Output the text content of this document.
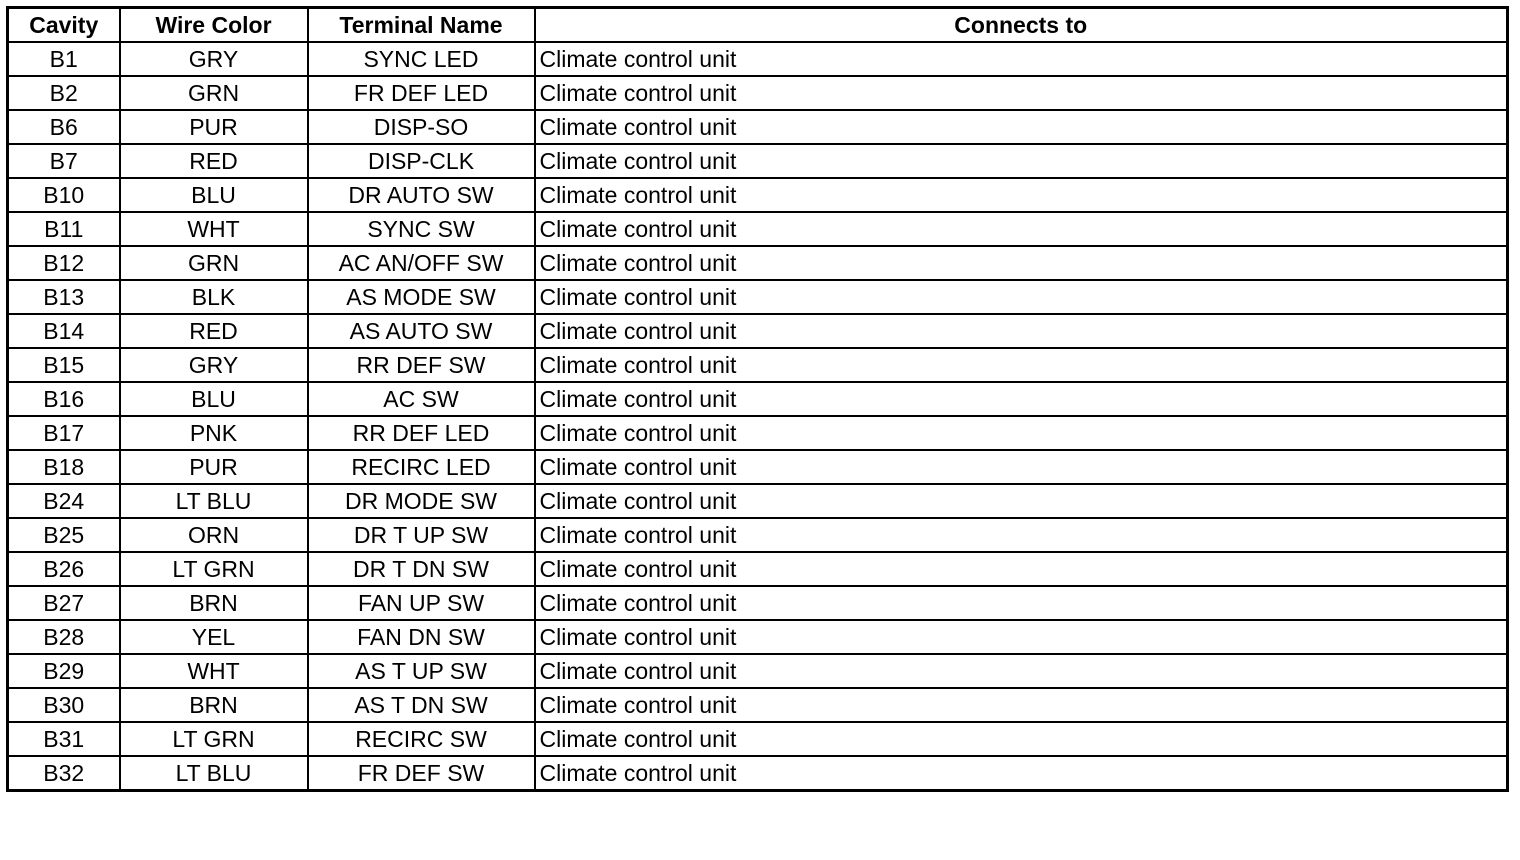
Cavity	Wire Color	Terminal Name	Connects to
B1	GRY	SYNC LED	Climate control unit
B2	GRN	FR DEF LED	Climate control unit
B6	PUR	DISP-SO	Climate control unit
B7	RED	DISP-CLK	Climate control unit
B10	BLU	DR AUTO SW	Climate control unit
B11	WHT	SYNC SW	Climate control unit
B12	GRN	AC AN/OFF SW	Climate control unit
B13	BLK	AS MODE SW	Climate control unit
B14	RED	AS AUTO SW	Climate control unit
B15	GRY	RR DEF SW	Climate control unit
B16	BLU	AC SW	Climate control unit
B17	PNK	RR DEF LED	Climate control unit
B18	PUR	RECIRC LED	Climate control unit
B24	LT BLU	DR MODE SW	Climate control unit
B25	ORN	DR T UP SW	Climate control unit
B26	LT GRN	DR T DN SW	Climate control unit
B27	BRN	FAN UP SW	Climate control unit
B28	YEL	FAN DN SW	Climate control unit
B29	WHT	AS T UP SW	Climate control unit
B30	BRN	AS T DN SW	Climate control unit
B31	LT GRN	RECIRC SW	Climate control unit
B32	LT BLU	FR DEF SW	Climate control unit
